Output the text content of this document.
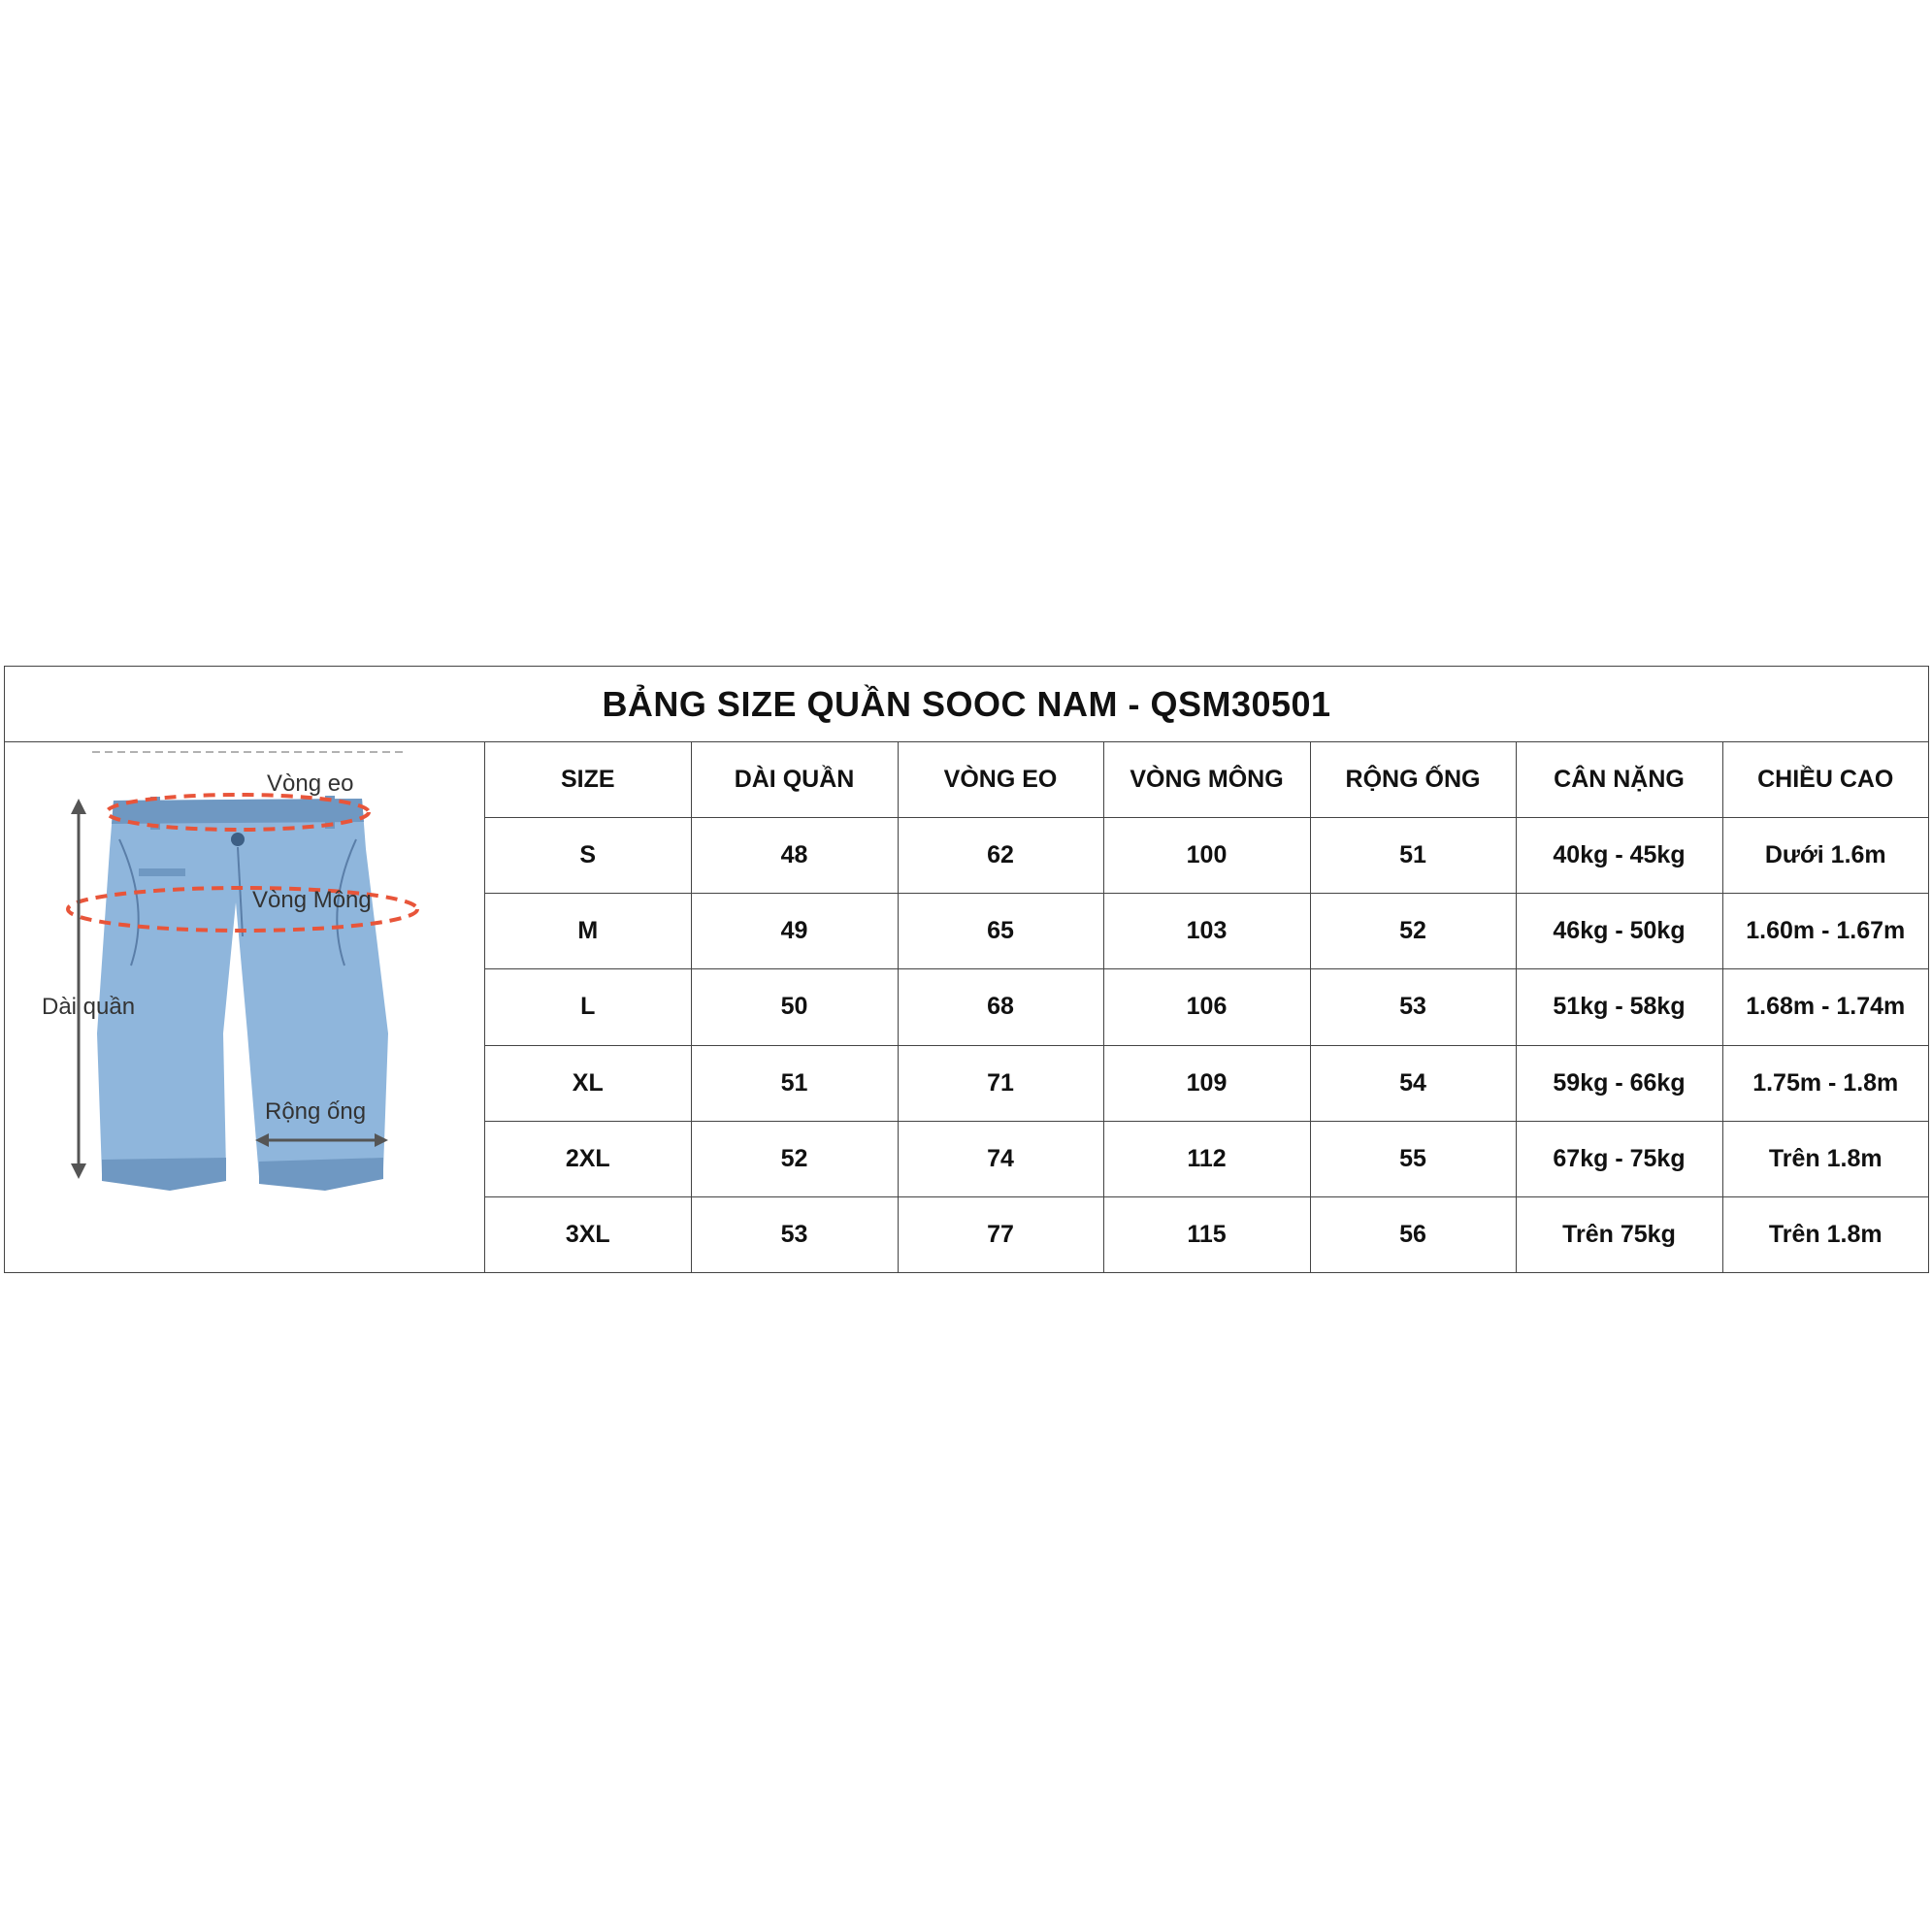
BẢNG SIZE QUẦN SOOC NAM - QSM30501
Vòng eo
Vòng Mông
Dài quần
Rộng ống
SIZE	DÀI QUẦN	VÒNG EO	VÒNG MÔNG	RỘNG ỐNG	CÂN NẶNG	CHIỀU CAO
S	48	62	100	51	40kg - 45kg	Dưới 1.6m
M	49	65	103	52	46kg - 50kg	1.60m - 1.67m
L	50	68	106	53	51kg - 58kg	1.68m - 1.74m
XL	51	71	109	54	59kg - 66kg	1.75m - 1.8m
2XL	52	74	112	55	67kg - 75kg	Trên 1.8m
3XL	53	77	115	56	Trên 75kg	Trên 1.8m
